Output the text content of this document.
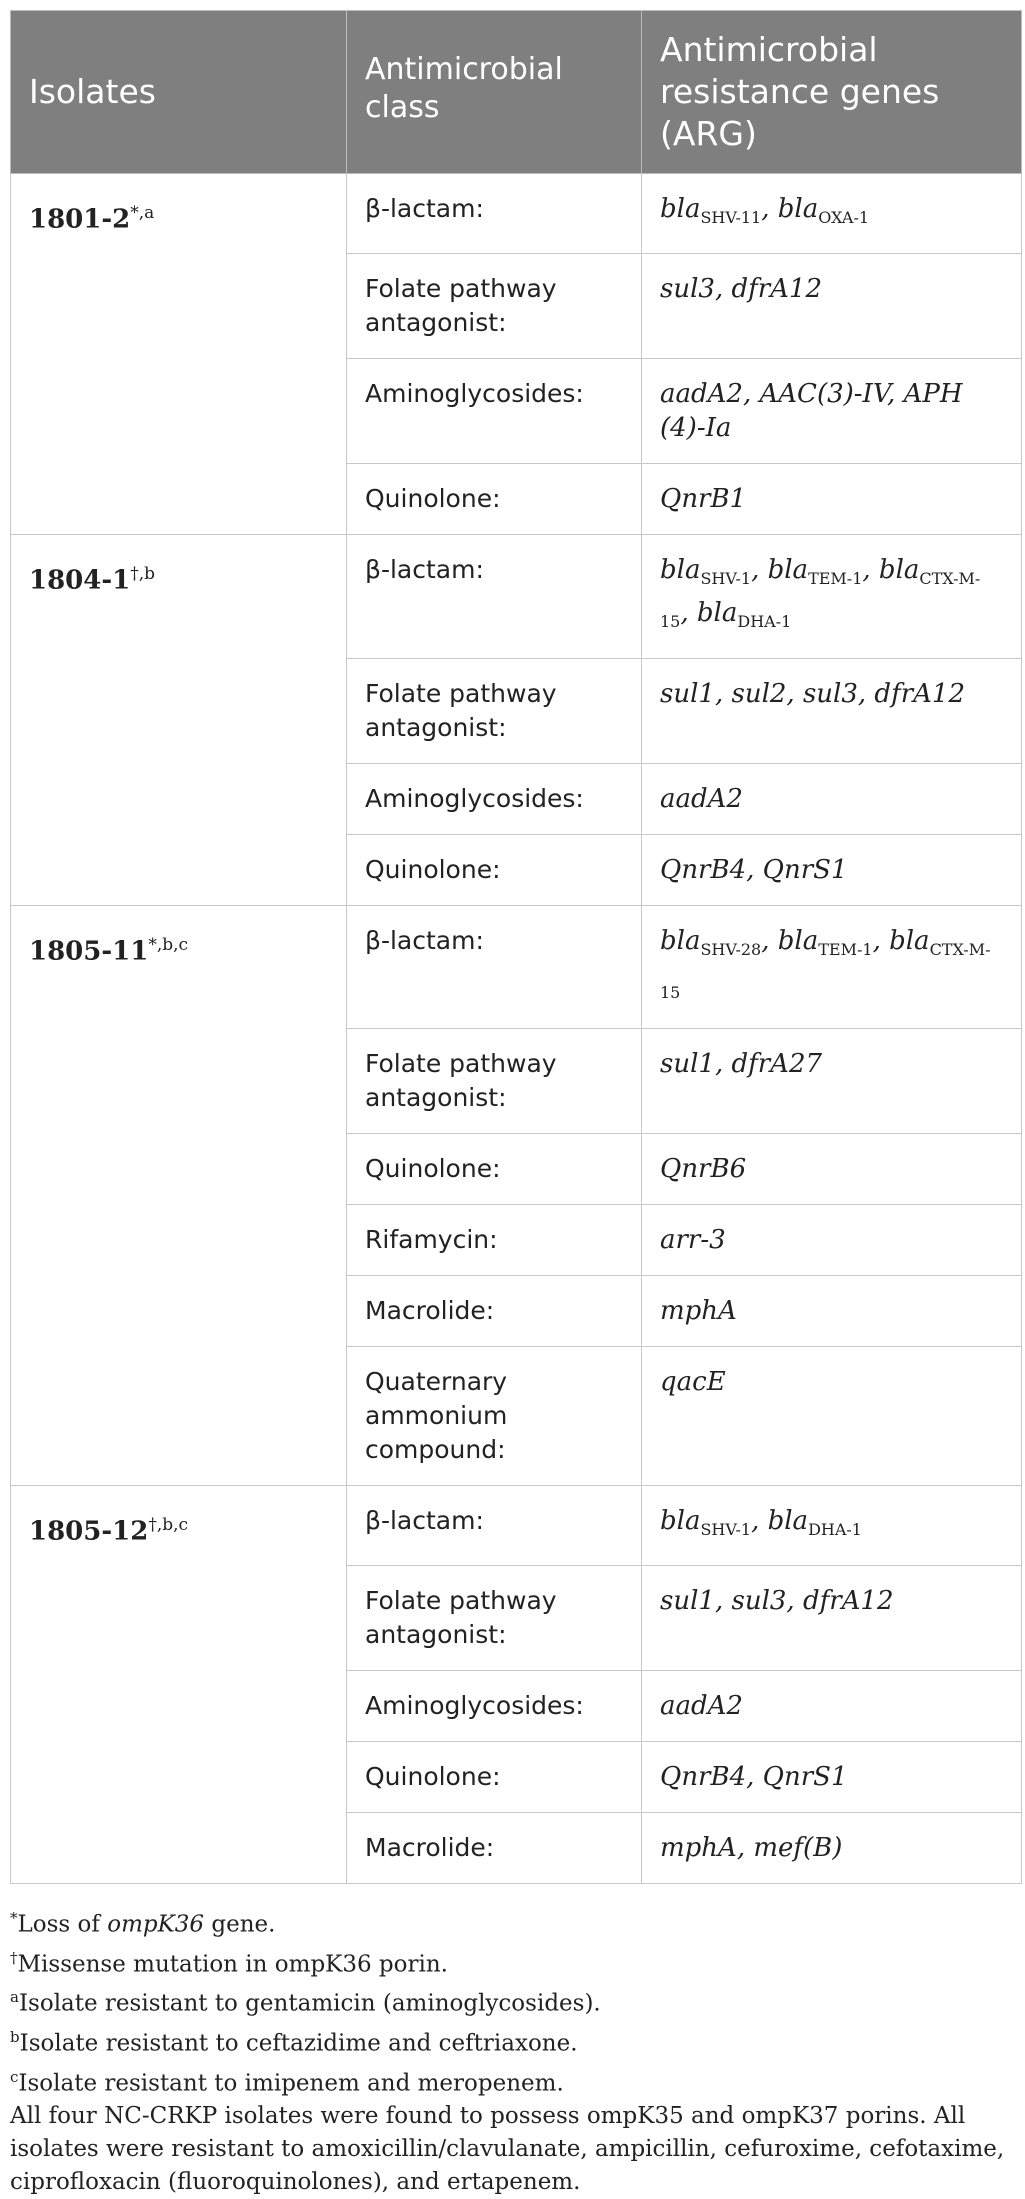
Isolates	Antimicrobial class	Antimicrobial resistance genes (ARG)
$1801-2^{*,a}$	β-lactam:	bla$_{SHV-11}$, bla$_{OXA-1}$
	Folate pathway antagonist:	sul3, dfrA12
	Aminoglycosides:	aadA2, AAC(3)-IV, APH (4)-Ia
	Quinolone:	QnrB1
$1804-1^{\dagger,b}$	β-lactam:	bla$_{SHV-1}$, bla$_{TEM-1}$, bla$_{CTX-M-15}$, bla$_{DHA-1}$
	Folate pathway antagonist:	sul1, sul2, sul3, dfrA12
	Aminoglycosides:	aadA2
	Quinolone:	QnrB4, QnrS1
$1805-11^{*,b,c}$	β-lactam:	bla$_{SHV-28}$, bla$_{TEM-1}$, bla$_{CTX-M-15}$
	Folate pathway antagonist:	sul1, dfrA27
	Quinolone:	QnrB6
	Rifamycin:	arr-3
	Macrolide:	mphA
	Quaternary ammonium compound:	qacE
$1805-12^{\dagger,b,c}$	β-lactam:	bla$_{SHV-1}$, bla$_{DHA-1}$
	Folate pathway antagonist:	sul1, sul3, dfrA12
	Aminoglycosides:	aadA2
	Quinolone:	QnrB4, QnrS1
	Macrolide:	mphA, mef(B)
*Loss of ompK36 gene.
†Missense mutation in ompK36 porin.
$^a$Isolate resistant to gentamicin (aminoglycosides).
$^b$Isolate resistant to ceftazidime and ceftriaxone.
$^c$Isolate resistant to imipenem and meropenem.
All four NC-CRKP isolates were found to possess ompK35 and ompK37 porins. All isolates were resistant to amoxicillin/clavulanate, ampicillin, cefuroxime, cefotaxime, ciprofloxacin (fluoroquinolones), and ertapenem.
